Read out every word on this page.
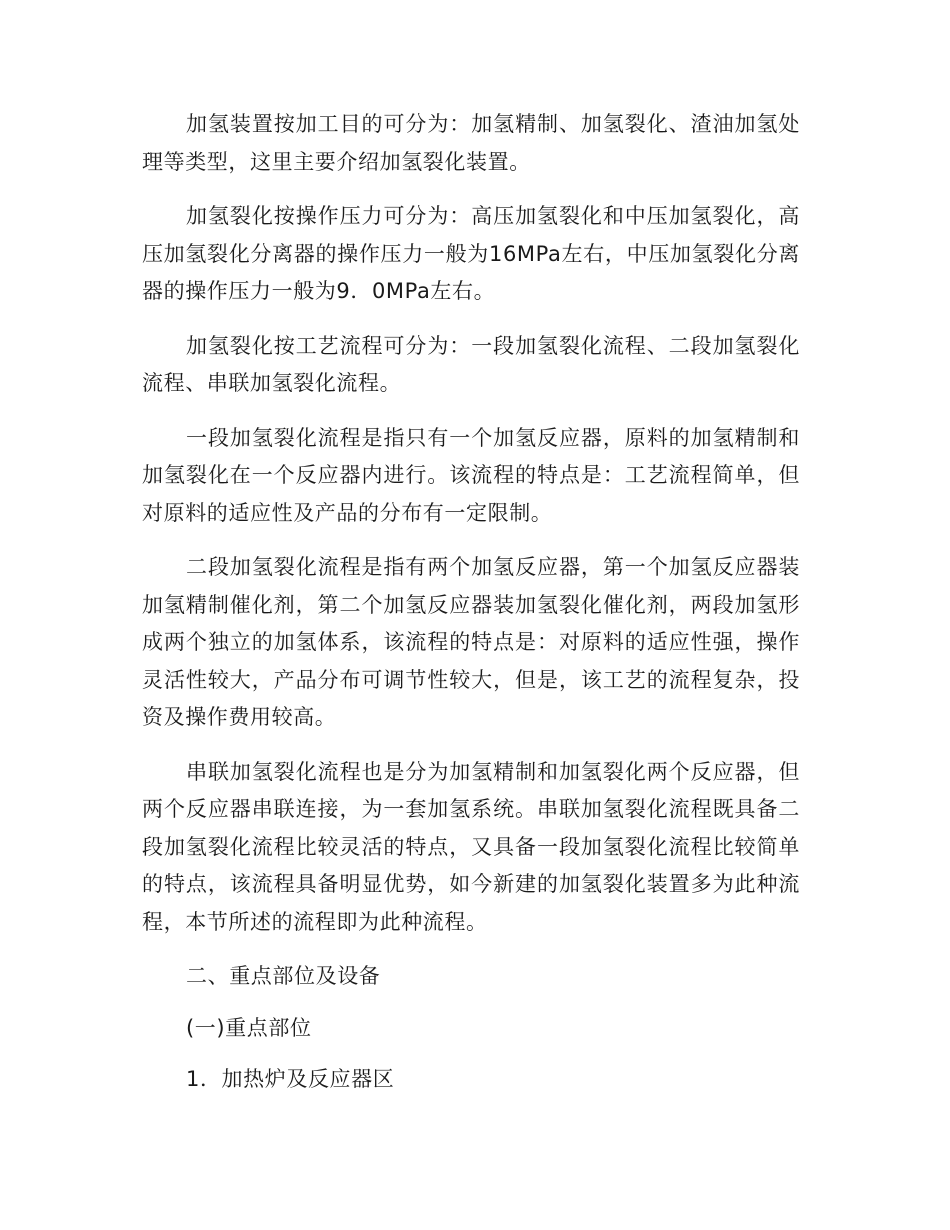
加氢装置按加工目的可分为：加氢精制、加氢裂化、渣油加氢处理等类型，这里主要介绍加氢裂化装置。

加氢裂化按操作压力可分为：高压加氢裂化和中压加氢裂化，高压加氢裂化分离器的操作压力一般为16MPa左右，中压加氢裂化分离器的操作压力一般为9．0MPa左右。

加氢裂化按工艺流程可分为：一段加氢裂化流程、二段加氢裂化流程、串联加氢裂化流程。

一段加氢裂化流程是指只有一个加氢反应器，原料的加氢精制和加氢裂化在一个反应器内进行。该流程的特点是：工艺流程简单，但对原料的适应性及产品的分布有一定限制。

二段加氢裂化流程是指有两个加氢反应器，第一个加氢反应器装加氢精制催化剂，第二个加氢反应器装加氢裂化催化剂，两段加氢形成两个独立的加氢体系，该流程的特点是：对原料的适应性强，操作灵活性较大，产品分布可调节性较大，但是，该工艺的流程复杂，投资及操作费用较高。

串联加氢裂化流程也是分为加氢精制和加氢裂化两个反应器，但两个反应器串联连接，为一套加氢系统。串联加氢裂化流程既具备二段加氢裂化流程比较灵活的特点，又具备一段加氢裂化流程比较简单的特点，该流程具备明显优势，如今新建的加氢裂化装置多为此种流程，本节所述的流程即为此种流程。

二、重点部位及设备

(一)重点部位

1．加热炉及反应器区
